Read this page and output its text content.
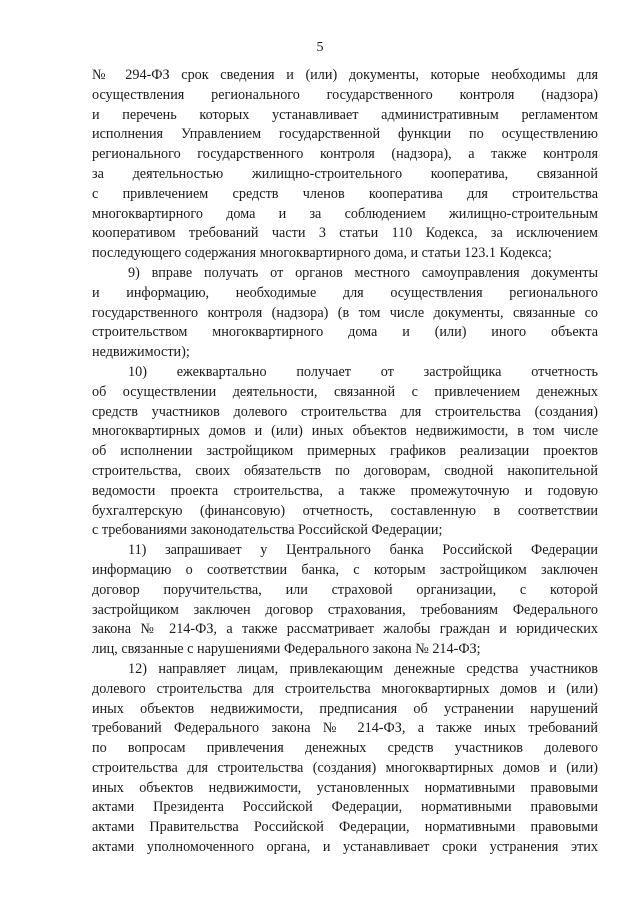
5
№ 294-ФЗ срок сведения и (или) документы, которые необходимы для
осуществления регионального государственного контроля (надзора)
и перечень которых устанавливает административным регламентом
исполнения Управлением государственной функции по осуществлению
регионального государственного контроля (надзора), а также контроля
за деятельностью жилищно-строительного кооператива, связанной
с привлечением средств членов кооператива для строительства
многоквартирного дома и за соблюдением жилищно-строительным
кооперативом требований части 3 статьи 110 Кодекса, за исключением
последующего содержания многоквартирного дома, и статьи 123.1 Кодекса;
9) вправе получать от органов местного самоуправления документы
и информацию, необходимые для осуществления регионального
государственного контроля (надзора) (в том числе документы, связанные со
строительством многоквартирного дома и (или) иного объекта
недвижимости);
10) ежеквартально получает от застройщика отчетность
об осуществлении деятельности, связанной с привлечением денежных
средств участников долевого строительства для строительства (создания)
многоквартирных домов и (или) иных объектов недвижимости, в том числе
об исполнении застройщиком примерных графиков реализации проектов
строительства, своих обязательств по договорам, сводной накопительной
ведомости проекта строительства, а также промежуточную и годовую
бухгалтерскую (финансовую) отчетность, составленную в соответствии
с требованиями законодательства Российской Федерации;
11) запрашивает у Центрального банка Российской Федерации
информацию о соответствии банка, с которым застройщиком заключен
договор поручительства, или страховой организации, с которой
застройщиком заключен договор страхования, требованиям Федерального
закона № 214-ФЗ, а также рассматривает жалобы граждан и юридических
лиц, связанные с нарушениями Федерального закона № 214-ФЗ;
12) направляет лицам, привлекающим денежные средства участников
долевого строительства для строительства многоквартирных домов и (или)
иных объектов недвижимости, предписания об устранении нарушений
требований Федерального закона № 214-ФЗ, а также иных требований
по вопросам привлечения денежных средств участников долевого
строительства для строительства (создания) многоквартирных домов и (или)
иных объектов недвижимости, установленных нормативными правовыми
актами Президента Российской Федерации, нормативными правовыми
актами Правительства Российской Федерации, нормативными правовыми
актами уполномоченного органа, и устанавливает сроки устранения этих
